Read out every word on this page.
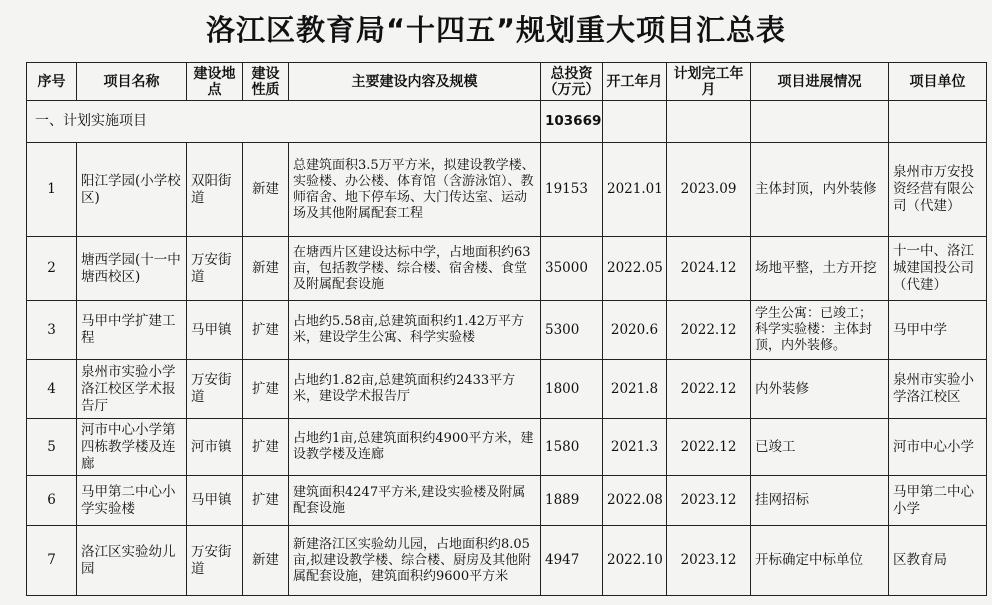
洛江区教育局“十四五”规划重大项目汇总表
序号	项目名称	建设地点	建设性质	主要建设内容及规模	总投资（万元）	开工年月	计划完工年月	项目进展情况	项目单位
一、计划实施项目					103669				
1	阳江学园(小学校区)	双阳街道	新建	总建筑面积3.5万平方米，拟建设教学楼、实验楼、办公楼、体育馆（含游泳馆）、教师宿舍、地下停车场、大门传达室、运动场及其他附属配套工程	19153	2021.01	2023.09	主体封顶，内外装修	泉州市万安投资经营有限公司（代建）
2	塘西学园(十一中塘西校区)	万安街道	新建	在塘西片区建设达标中学，占地面积约63亩，包括教学楼、综合楼、宿舍楼、食堂及附属配套设施	35000	2022.05	2024.12	场地平整，土方开挖	十一中、洛江城建国投公司（代建）
3	马甲中学扩建工程	马甲镇	扩建	占地约5.58亩,总建筑面积约1.42万平方米，建设学生公寓、科学实验楼	5300	2020.6	2022.12	学生公寓：已竣工；科学实验楼：主体封顶，内外装修。	马甲中学
4	泉州市实验小学洛江校区学术报告厅	万安街道	扩建	占地约1.82亩,总建筑面积约2433平方米，建设学术报告厅	1800	2021.8	2022.12	内外装修	泉州市实验小学洛江校区
5	河市中心小学第四栋教学楼及连廊	河市镇	扩建	占地约1亩,总建筑面积约4900平方米，建设教学楼及连廊	1580	2021.3	2022.12	已竣工	河市中心小学
6	马甲第二中心小学实验楼	马甲镇	扩建	建筑面积4247平方米,建设实验楼及附属配套设施	1889	2022.08	2023.12	挂网招标	马甲第二中心小学
7	洛江区实验幼儿园	万安街道	新建	新建洛江区实验幼儿园，占地面积约8.05亩,拟建设教学楼、综合楼、厨房及其他附属配套设施，建筑面积约9600平方米	4947	2022.10	2023.12	开标确定中标单位	区教育局
